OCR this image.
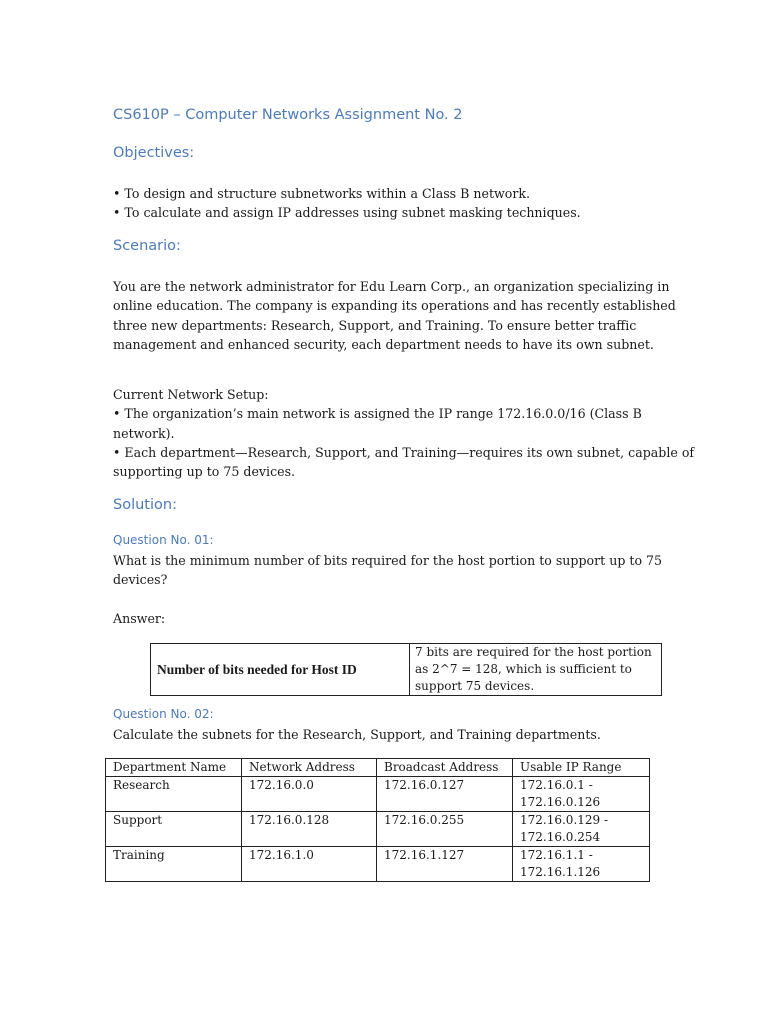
CS610P – Computer Networks Assignment No. 2
Objectives:
• To design and structure subnetworks within a Class B network.
• To calculate and assign IP addresses using subnet masking techniques.
Scenario:
You are the network administrator for Edu Learn Corp., an organization specializing in
online education. The company is expanding its operations and has recently established
three new departments: Research, Support, and Training. To ensure better traffic
management and enhanced security, each department needs to have its own subnet.
Current Network Setup:
• The organization’s main network is assigned the IP range 172.16.0.0/16 (Class B
network).
• Each department—Research, Support, and Training—requires its own subnet, capable of
supporting up to 75 devices.
Solution:
Question No. 01:
What is the minimum number of bits required for the host portion to support up to 75
devices?
Answer:
Number of bits needed for Host ID	
7 bits are required for the host portion
as 2^7 = 128, which is sufficient to
support 75 devices.
Question No. 02:
Calculate the subnets for the Research, Support, and Training departments.
Department Name	Network Address	Broadcast Address	Usable IP Range
Research	172.16.0.0	172.16.0.127	172.16.0.1 -
172.16.0.126

Support	172.16.0.128	172.16.0.255	172.16.0.129 -
172.16.0.254

Training	172.16.1.0	172.16.1.127	172.16.1.1 -
172.16.1.126
